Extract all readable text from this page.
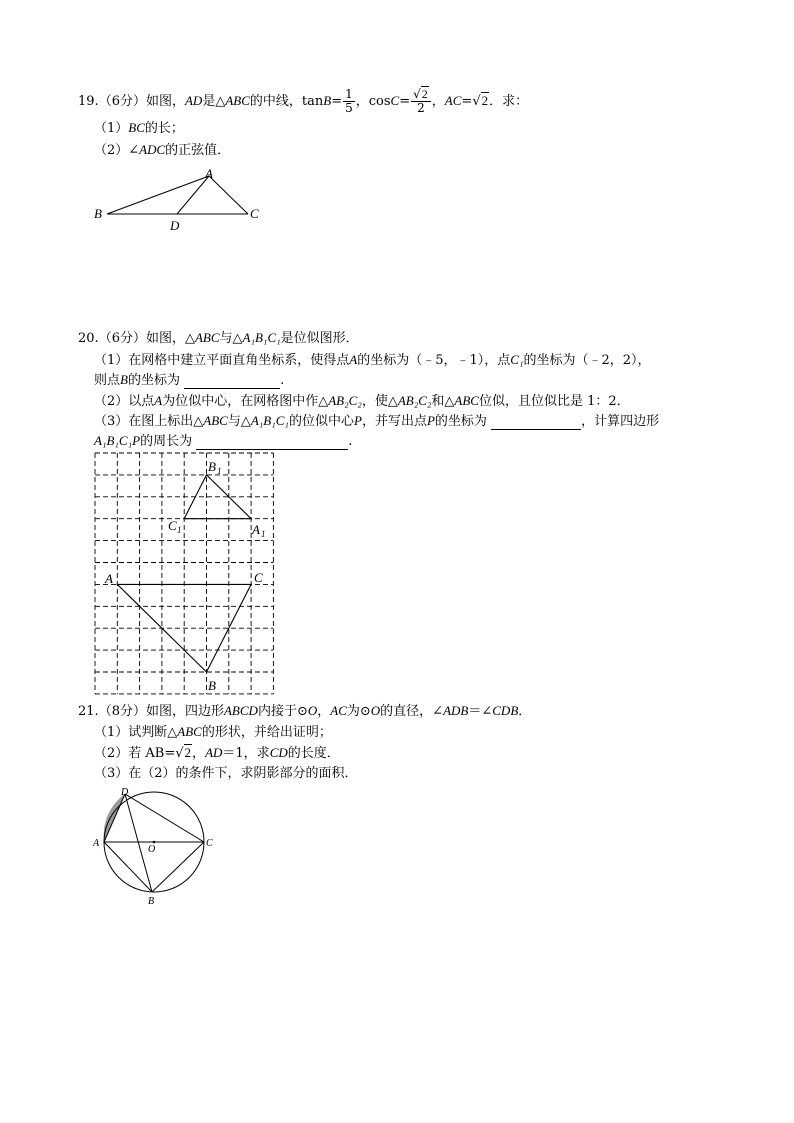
19.（6分）如图，AD是△ABC的中线，$\tan B= \frac{1}{5}$ ，$\cos C= \frac{√2}{2}$ ，AC=√2．求：
（1）BC的长；
（2）∠ADC的正弦值．
A
B	C
D
20.（6分）如图，△ABC与△A₁B₁C₁是位似图形．
（1）在网格中建立平面直角坐标系，使得点A的坐标为（﹣5，﹣1），点C₁的坐标为（﹣2，2），
则点B的坐标为	.
（2）以点A为位似中心，在网格图中作△AB₂C₂，使△AB₂C₂和△ABC位似，且位似比是 1：2．
（3）在图上标出△ABC与△A₁B₁C₁的位似中心P，并写出点P的坐标为	，计算四边形
A₁B₁C₁P的周长为	.
B 1
C 1	A 1
A	C
B
21.（8分）如图，四边形ABCD内接于⊙O，AC为⊙O的直径，∠ADB＝∠CDB．
（1）试判断△ABC的形状，并给出证明；
（2）若 AB=√2，AD＝1，求CD的长度．
（3）在（2）的条件下，求阴影部分的面积．
D
A
O
C
B
